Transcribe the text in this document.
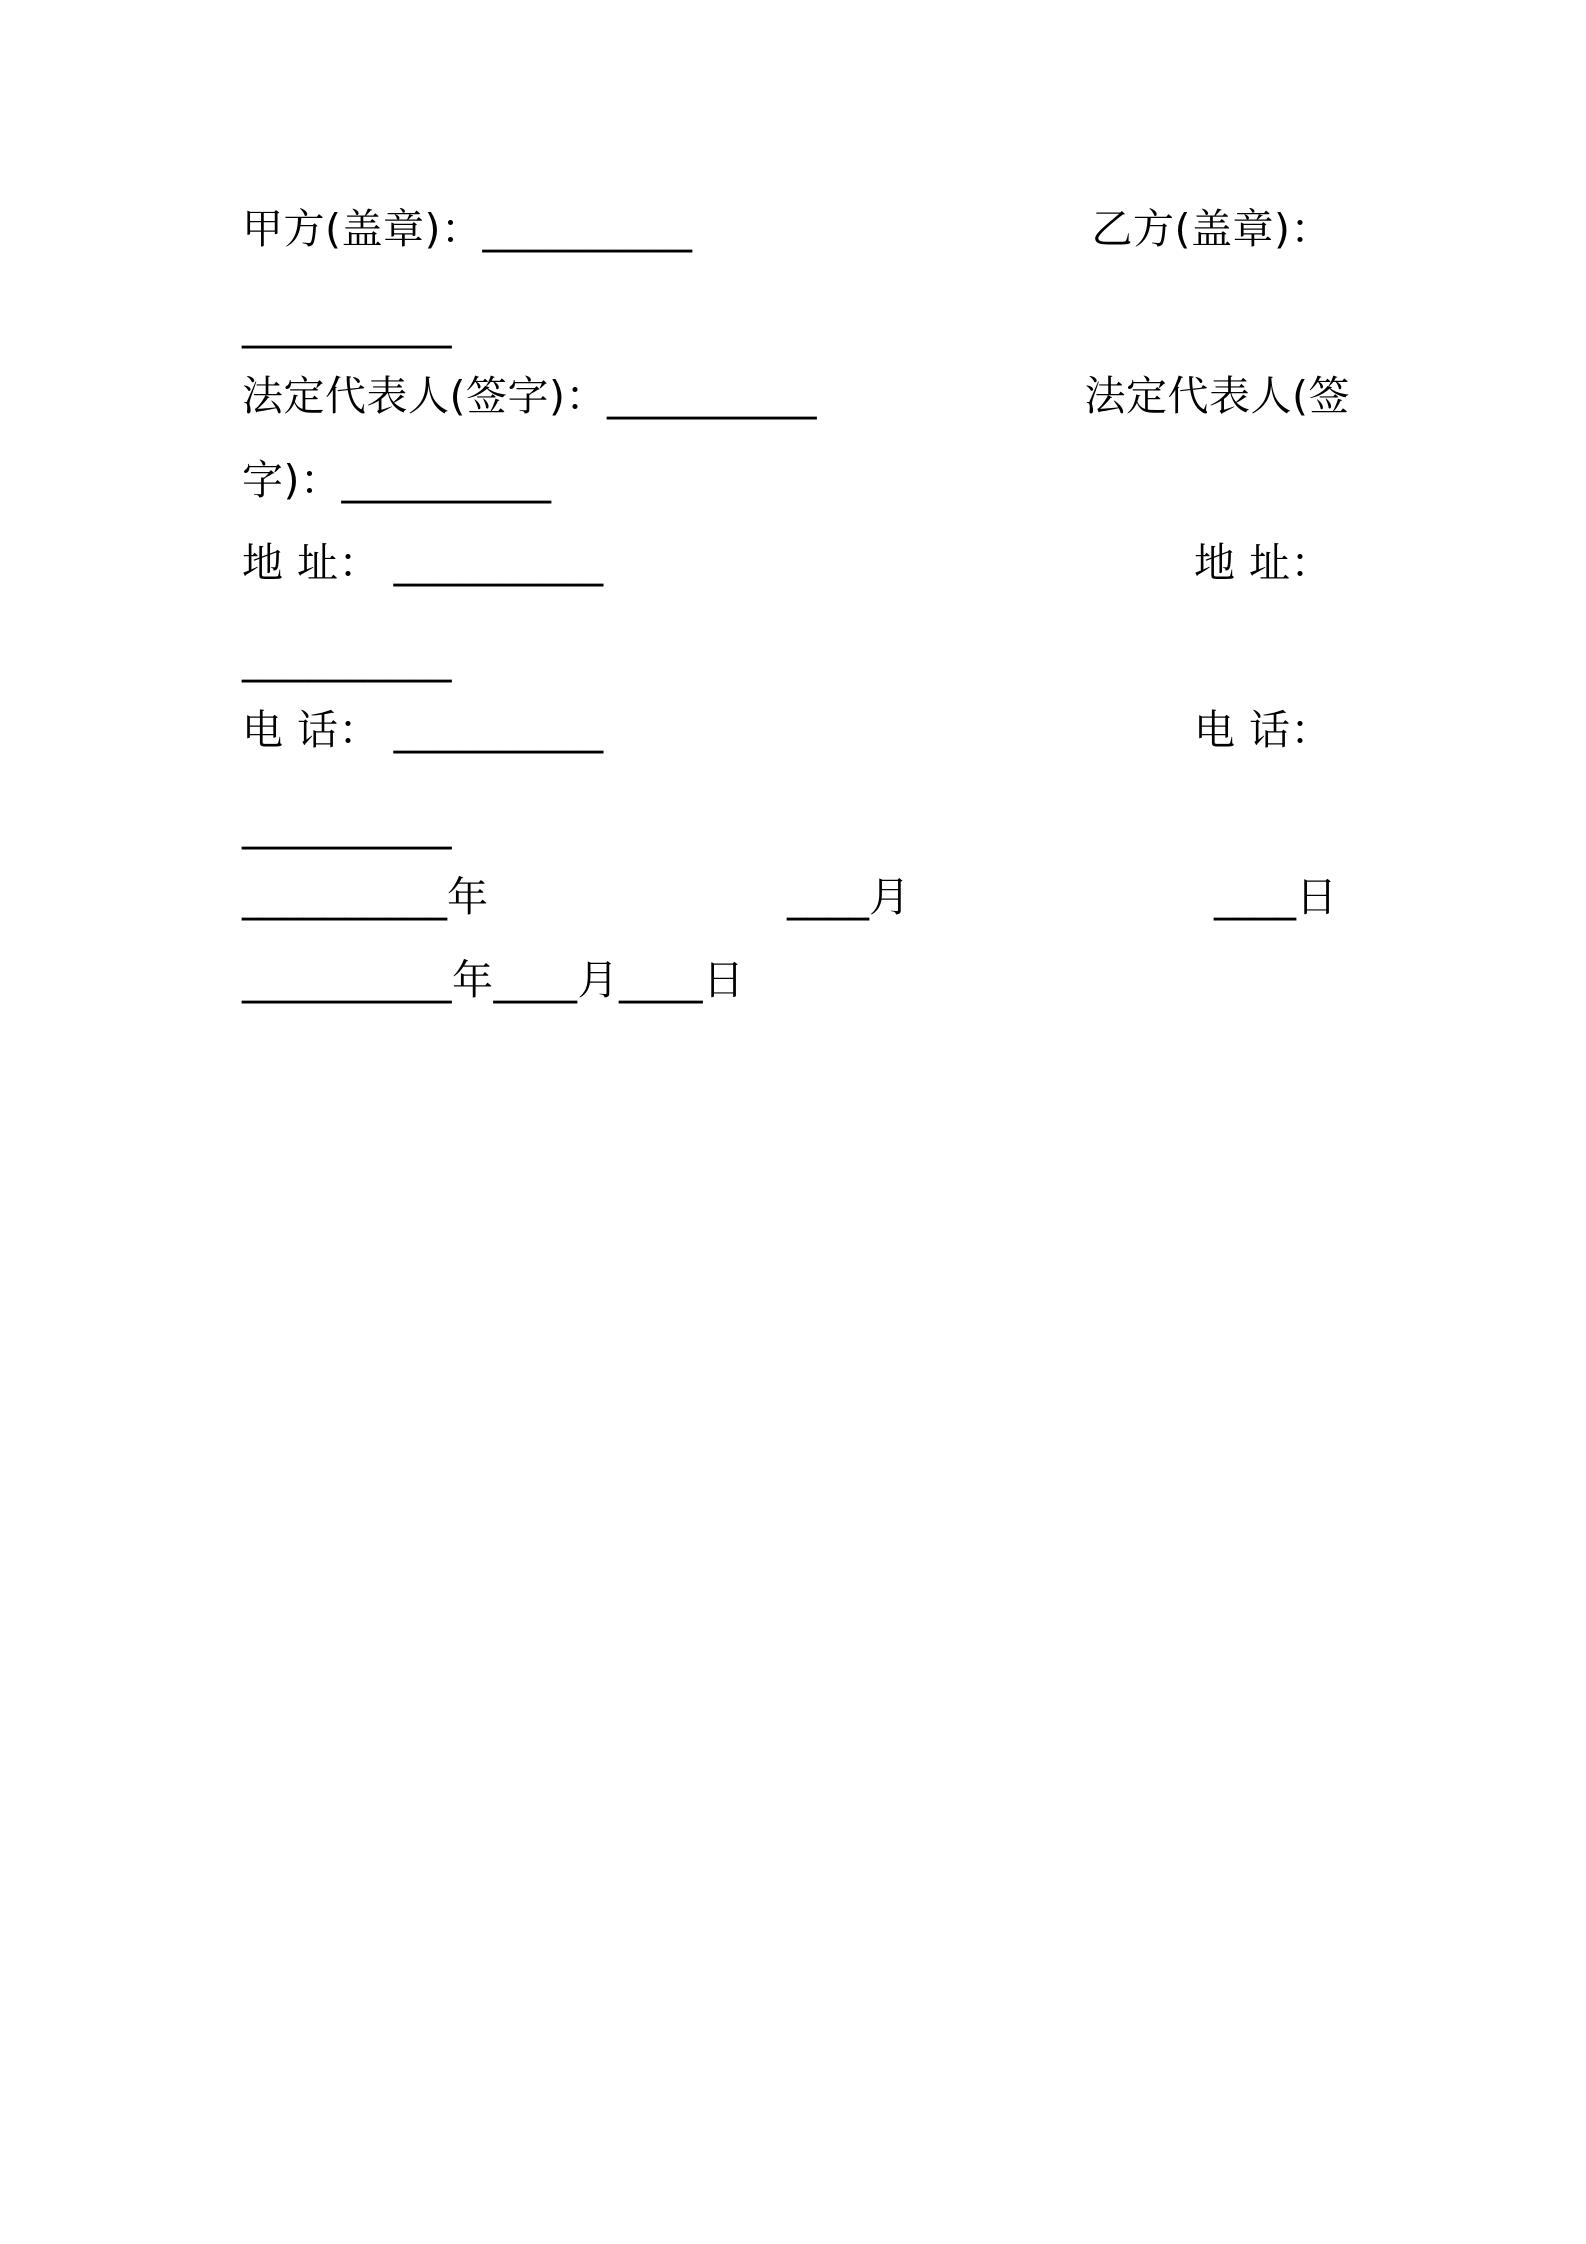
甲方(盖章)：__________	乙方(盖章)：
__________
法定代表人(签字)：__________	法定代表人(签
字)：__________
地 址： __________	地 址：
__________
电 话： __________	电 话：
__________
__________年	____月	____日
__________年____月____日
